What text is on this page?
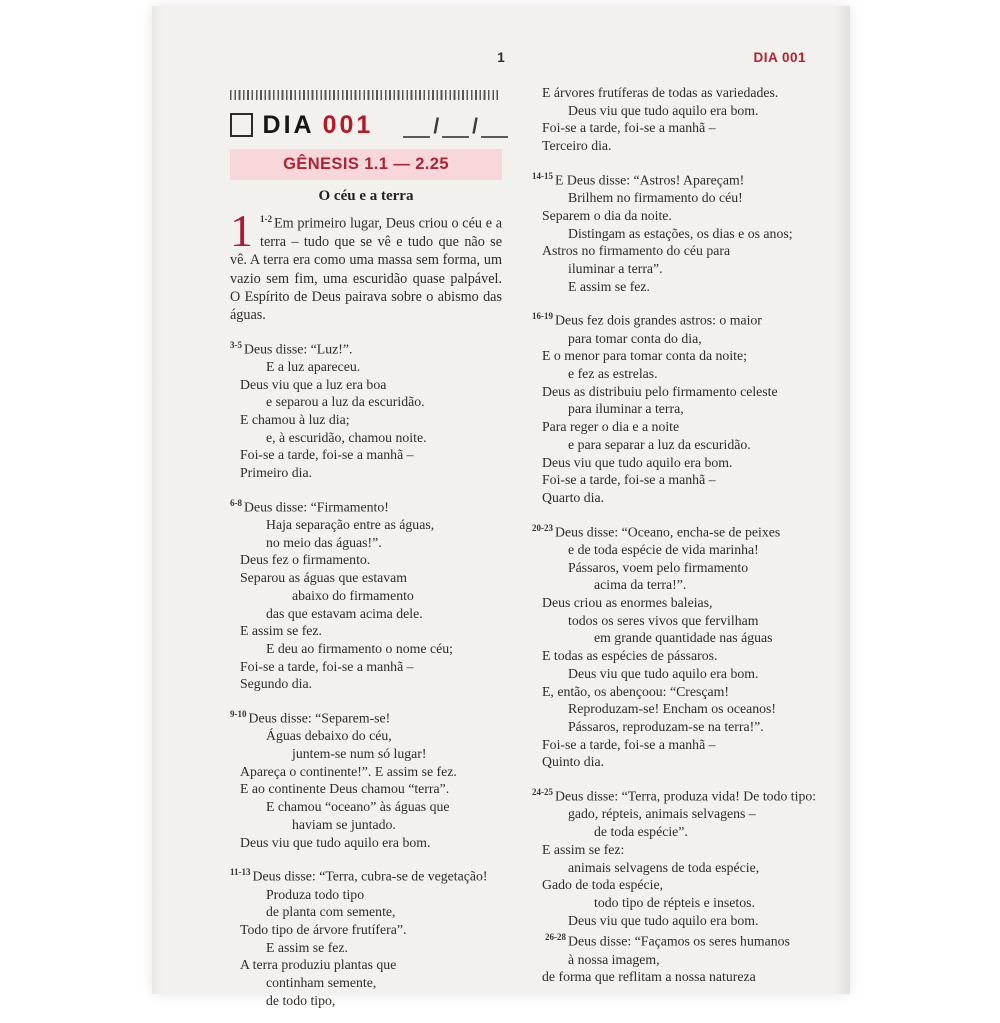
1	DIA 001
DIA 001	/ /
GÊNESIS 1.1 — 2.25
O céu e a terra

1 $^{1-2}$ Em primeiro lugar, Deus criou o céu e a terra – tudo que se vê e tudo que não se vê. A terra era como uma massa sem forma, um vazio sem fim, uma escuridão quase palpável. O Espírito de Deus pairava sobre o abismo das águas.

$^{3-5}$ Deus disse: “Luz!”.
E a luz apareceu.
Deus viu que a luz era boa
e separou a luz da escuridão.
E chamou à luz dia;
e, à escuridão, chamou noite.
Foi-se a tarde, foi-se a manhã –
Primeiro dia.
$^{6-8}$ Deus disse: “Firmamento!
Haja separação entre as águas,
no meio das águas!”.
Deus fez o firmamento.
Separou as águas que estavam
abaixo do firmamento
das que estavam acima dele.
E assim se fez.
E deu ao firmamento o nome céu;
Foi-se a tarde, foi-se a manhã –
Segundo dia.
$^{9-10}$ Deus disse: “Separem-se!
Águas debaixo do céu,
juntem-se num só lugar!
Apareça o continente!”. E assim se fez.
E ao continente Deus chamou “terra”.
E chamou “oceano” às águas que
haviam se juntado.
Deus viu que tudo aquilo era bom.
$^{11-13}$ Deus disse: “Terra, cubra-se de vegetação!
Produza todo tipo
de planta com semente,
Todo tipo de árvore frutífera”.
E assim se fez.
A terra produziu plantas que
continham semente,
de todo tipo,
E árvores frutíferas de todas as variedades.
Deus viu que tudo aquilo era bom.
Foi-se a tarde, foi-se a manhã –
Terceiro dia.
$^{14-15}$ E Deus disse: “Astros! Apareçam!
Brilhem no firmamento do céu!
Separem o dia da noite.
Distingam as estações, os dias e os anos;
Astros no firmamento do céu para
iluminar a terra”.
E assim se fez.
$^{16-19}$ Deus fez dois grandes astros: o maior
para tomar conta do dia,
E o menor para tomar conta da noite;
e fez as estrelas.
Deus as distribuiu pelo firmamento celeste
para iluminar a terra,
Para reger o dia e a noite
e para separar a luz da escuridão.
Deus viu que tudo aquilo era bom.
Foi-se a tarde, foi-se a manhã –
Quarto dia.
$^{20-23}$ Deus disse: “Oceano, encha-se de peixes
e de toda espécie de vida marinha!
Pássaros, voem pelo firmamento
acima da terra!”.
Deus criou as enormes baleias,
todos os seres vivos que fervilham
em grande quantidade nas águas
E todas as espécies de pássaros.
Deus viu que tudo aquilo era bom.
E, então, os abençoou: “Cresçam!
Reproduzam-se! Encham os oceanos!
Pássaros, reproduzam-se na terra!”.
Foi-se a tarde, foi-se a manhã –
Quinto dia.
$^{24-25}$ Deus disse: “Terra, produza vida! De todo tipo:
gado, répteis, animais selvagens –
de toda espécie”.
E assim se fez:
animais selvagens de toda espécie,
Gado de toda espécie,
todo tipo de répteis e insetos.
Deus viu que tudo aquilo era bom.
$^{26-28}$ Deus disse: “Façamos os seres humanos
à nossa imagem,
de forma que reflitam a nossa natureza
